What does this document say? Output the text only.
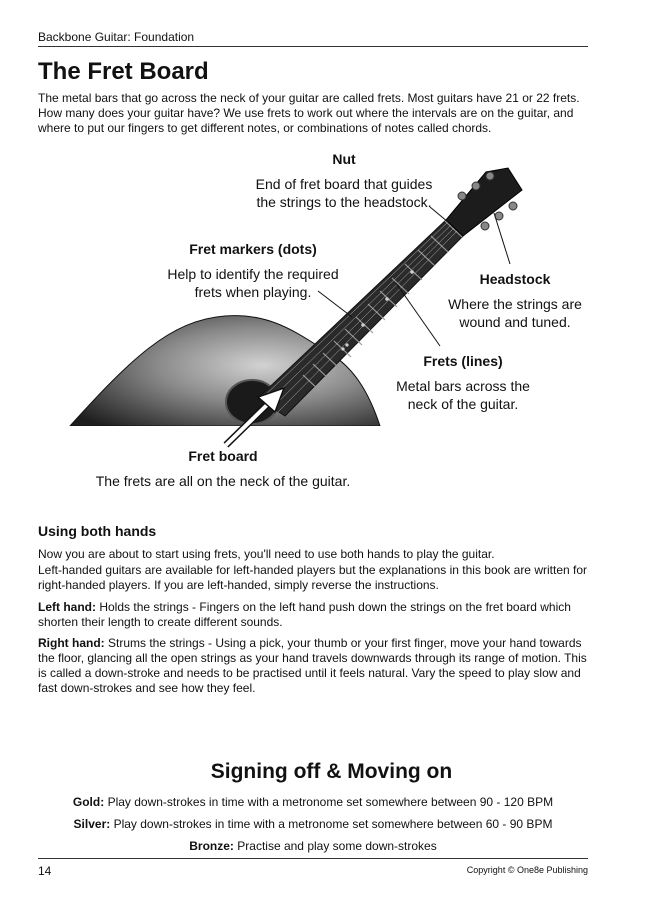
Backbone Guitar: Foundation
The Fret Board

The metal bars that go across the neck of your guitar are called frets. Most guitars have 21 or 22 frets. How many does your guitar have? We use frets to work out where the intervals are on the guitar, and where to put our fingers to get different notes, or combinations of notes called chords.

Nut
End of fret board that guides
the strings to the headstock.
Fret markers (dots)
Help to identify the required
frets when playing.
Headstock
Where the strings are
wound and tuned.
Frets (lines)
Metal bars across the
neck of the guitar.
Fret board
The frets are all on the neck of the guitar.
Using both hands

Now you are about to start using frets, you'll need to use both hands to play the guitar.

Left-handed guitars are available for left-handed players but the explanations in this book are written for right-handed players. If you are left-handed, simply reverse the instructions.

Left hand: Holds the strings - Fingers on the left hand push down the strings on the fret board which shorten their length to create different sounds.

Right hand: Strums the strings - Using a pick, your thumb or your first finger, move your hand towards the floor, glancing all the open strings as your hand travels downwards through its range of motion. This is called a down-stroke and needs to be practised until it feels natural. Vary the speed to play slow and fast down-strokes and see how they feel.

Signing off & Moving on
Gold: Play down-strokes in time with a metronome set somewhere between 90 - 120 BPM
Silver: Play down-strokes in time with a metronome set somewhere between 60 - 90 BPM
Bronze: Practise and play some down-strokes
14	Copyright © One8e Publishing
